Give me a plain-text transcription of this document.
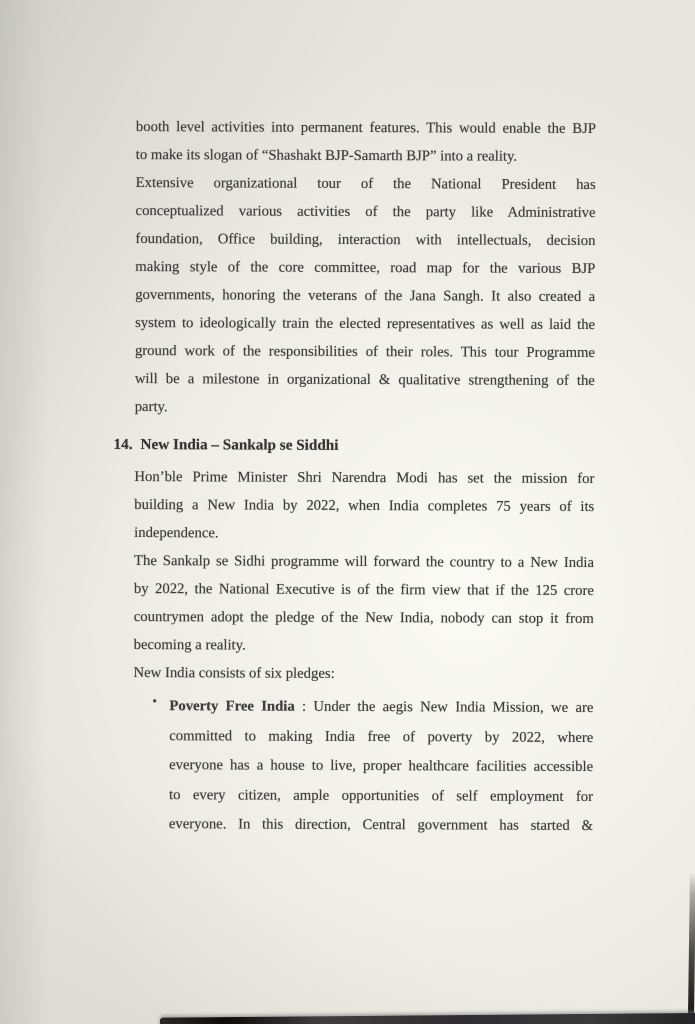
booth level activities into permanent features. This would enable the BJP
to make its slogan of “Shashakt BJP-Samarth BJP” into a reality.
Extensive organizational tour of the National President has
conceptualized various activities of the party like Administrative
foundation, Office building, interaction with intellectuals, decision
making style of the core committee, road map for the various BJP
governments, honoring the veterans of the Jana Sangh. It also created a
system to ideologically train the elected representatives as well as laid the
ground work of the responsibilities of their roles. This tour Programme
will be a milestone in organizational & qualitative strengthening of the
party.
14. New India – Sankalp se Siddhi
Hon’ble Prime Minister Shri Narendra Modi has set the mission for
building a New India by 2022, when India completes 75 years of its
independence.
The Sankalp se Sidhi programme will forward the country to a New India
by 2022, the National Executive is of the firm view that if the 125 crore
countrymen adopt the pledge of the New India, nobody can stop it from
becoming a reality.
New India consists of six pledges:
• Poverty Free India : Under the aegis New India Mission, we are
committed to making India free of poverty by 2022, where
everyone has a house to live, proper healthcare facilities accessible
to every citizen, ample opportunities of self employment for
everyone. In this direction, Central government has started &
